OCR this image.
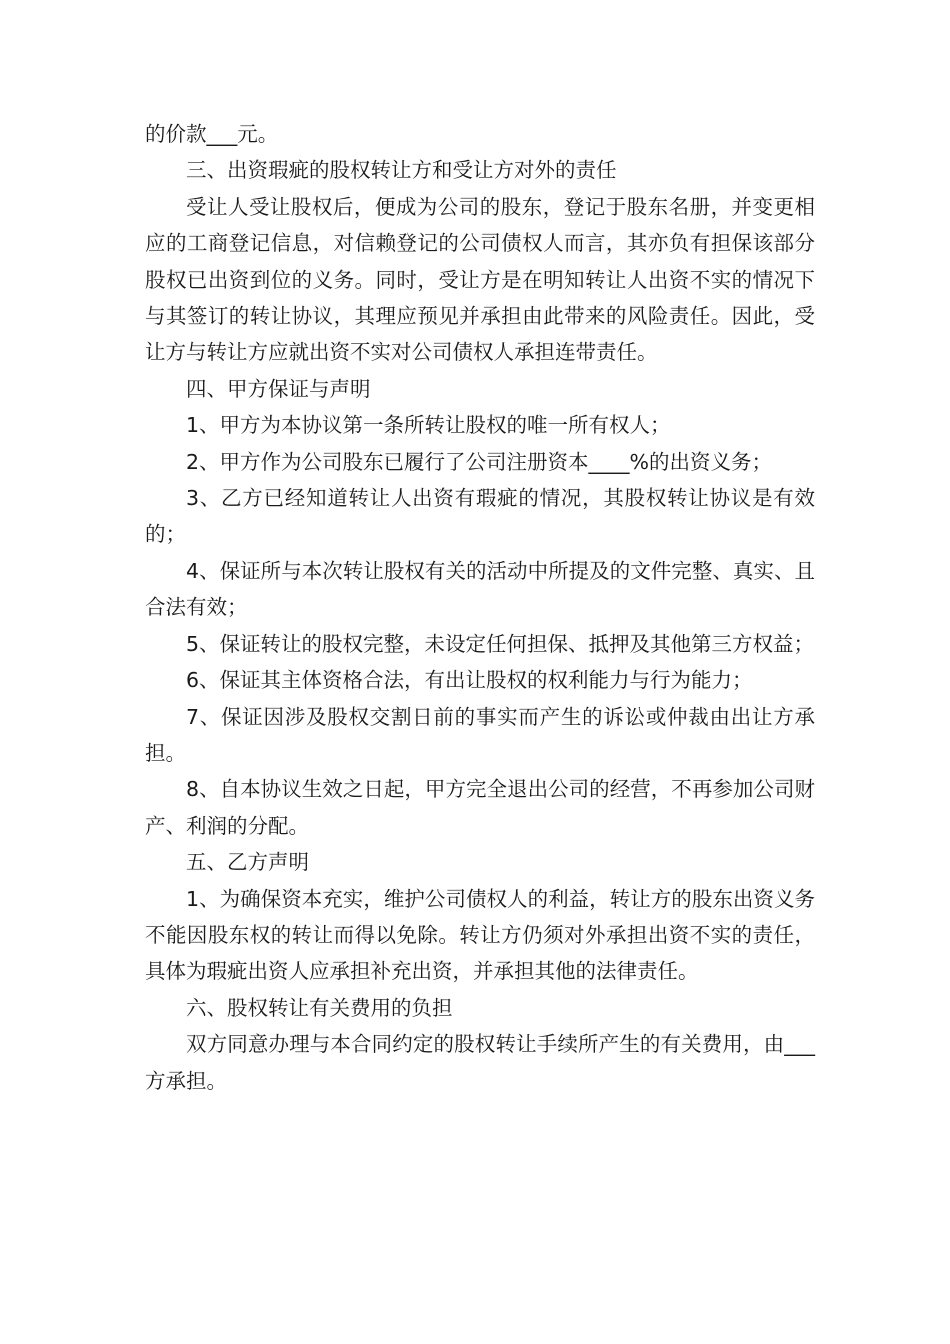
的价款___元。

三、出资瑕疵的股权转让方和受让方对外的责任

受让人受让股权后，便成为公司的股东，登记于股东名册，并变更相应的工商登记信息，对信赖登记的公司债权人而言，其亦负有担保该部分股权已出资到位的义务。同时，受让方是在明知转让人出资不实的情况下与其签订的转让协议，其理应预见并承担由此带来的风险责任。因此，受让方与转让方应就出资不实对公司债权人承担连带责任。

四、甲方保证与声明

1、甲方为本协议第一条所转让股权的唯一所有权人；

2、甲方作为公司股东已履行了公司注册资本____%的出资义务；

3、乙方已经知道转让人出资有瑕疵的情况，其股权转让协议是有效的；

4、保证所与本次转让股权有关的活动中所提及的文件完整、真实、且合法有效；

5、保证转让的股权完整，未设定任何担保、抵押及其他第三方权益；

6、保证其主体资格合法，有出让股权的权利能力与行为能力；

7、保证因涉及股权交割日前的事实而产生的诉讼或仲裁由出让方承担。

8、自本协议生效之日起，甲方完全退出公司的经营，不再参加公司财产、利润的分配。

五、乙方声明

1、为确保资本充实，维护公司债权人的利益，转让方的股东出资义务不能因股东权的转让而得以免除。转让方仍须对外承担出资不实的责任，具体为瑕疵出资人应承担补充出资，并承担其他的法律责任。

六、股权转让有关费用的负担

双方同意办理与本合同约定的股权转让手续所产生的有关费用，由___方承担。
